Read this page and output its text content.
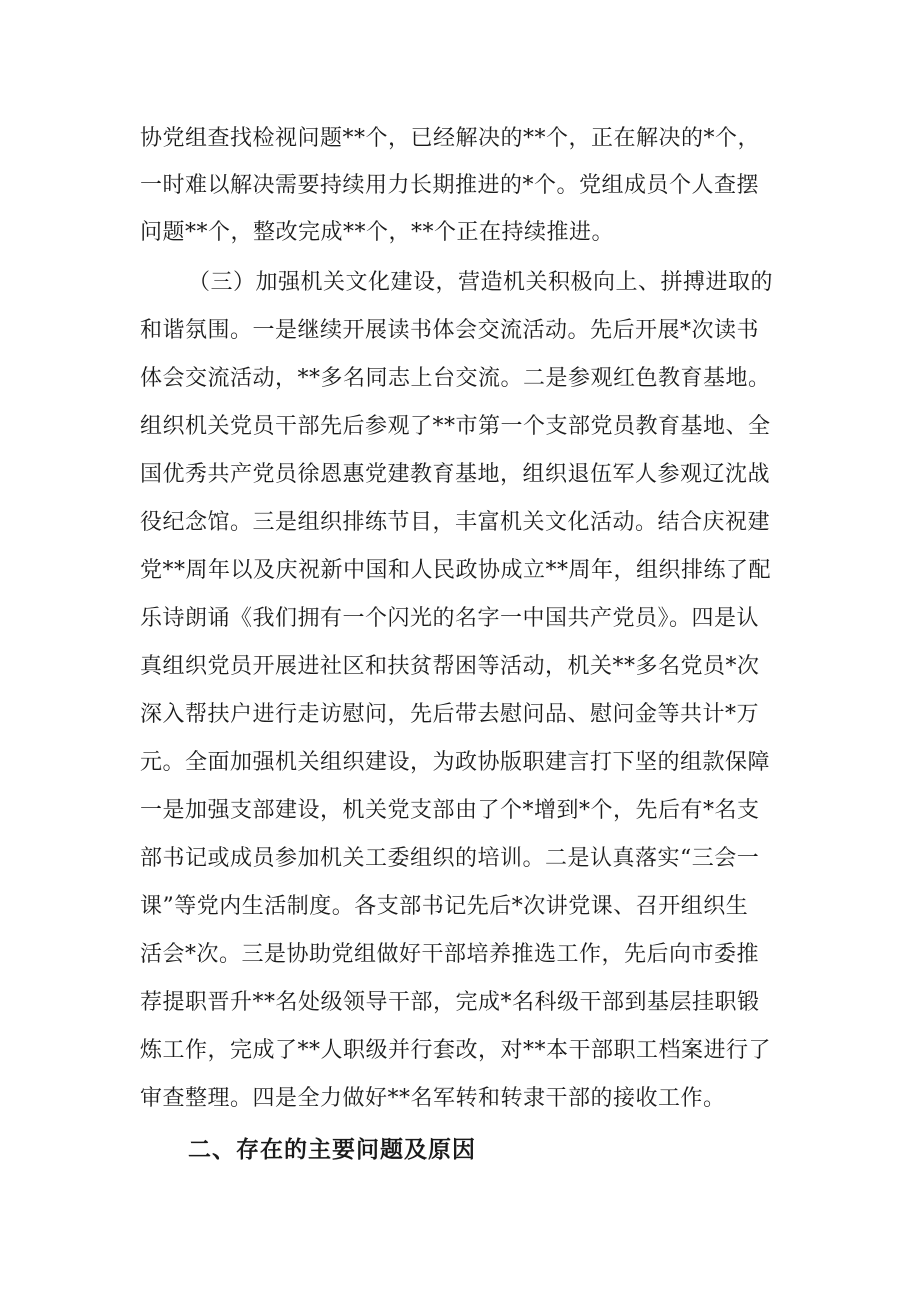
协党组查找检视问题**个，已经解决的**个，正在解决的*个，
一时难以解决需要持续用力长期推进的*个。党组成员个人查摆
问题**个，整改完成**个，**个正在持续推进。
（三）加强机关文化建设，营造机关积极向上、拼搏进取的
和谐氛围。一是继续开展读书体会交流活动。先后开展*次读书
体会交流活动，**多名同志上台交流。二是参观红色教育基地。
组织机关党员干部先后参观了**市第一个支部党员教育基地、全
国优秀共产党员徐恩惠党建教育基地，组织退伍军人参观辽沈战
役纪念馆。三是组织排练节目，丰富机关文化活动。结合庆祝建
党**周年以及庆祝新中国和人民政协成立**周年，组织排练了配
乐诗朗诵《我们拥有一个闪光的名字一中国共产党员》。四是认
真组织党员开展进社区和扶贫帮困等活动，机关**多名党员*次
深入帮扶户进行走访慰问，先后带去慰问品、慰问金等共计*万
元。全面加强机关组织建设，为政协版职建言打下坚的组款保障
一是加强支部建设，机关党支部由了个*增到*个，先后有*名支
部书记或成员参加机关工委组织的培训。二是认真落实“三会一
课”等党内生活制度。各支部书记先后*次讲党课、召开组织生
活会*次。三是协助党组做好干部培养推选工作，先后向市委推
荐提职晋升**名处级领导干部，完成*名科级干部到基层挂职锻
炼工作，完成了**人职级并行套改，对**本干部职工档案进行了
审查整理。四是全力做好**名军转和转隶干部的接收工作。
二、存在的主要问题及原因
